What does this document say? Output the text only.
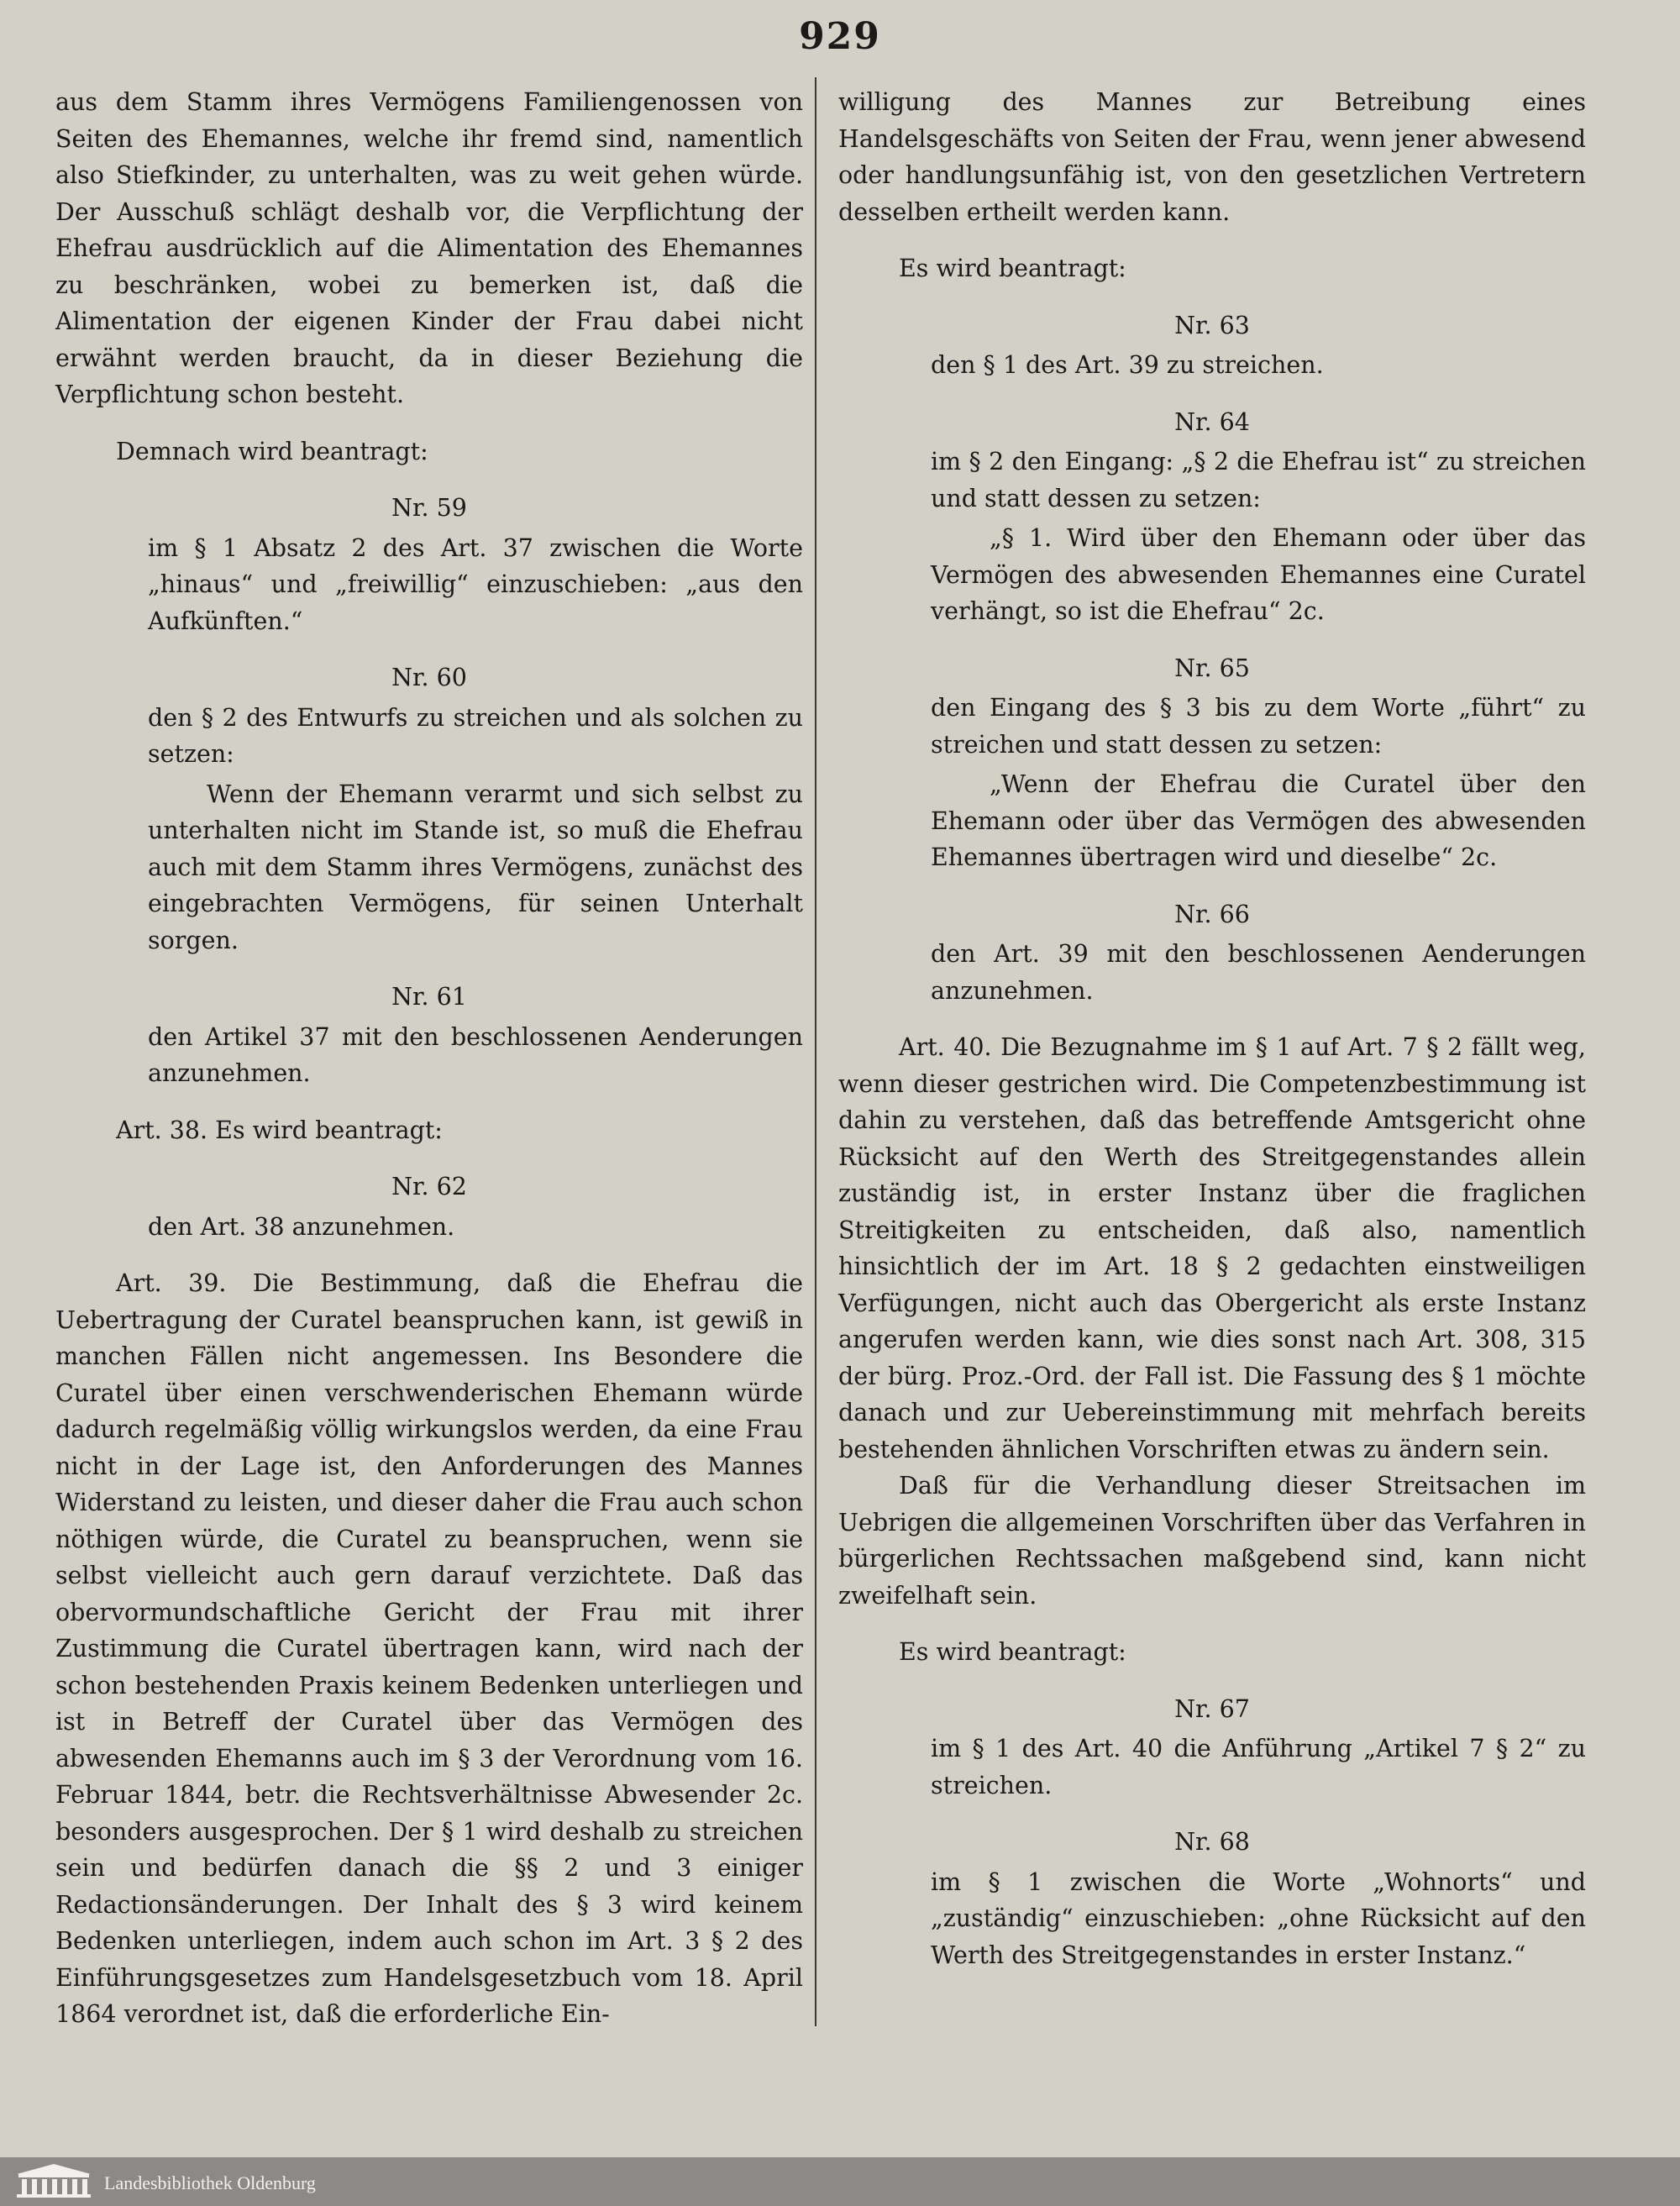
929

aus dem Stamm ihres Vermögens Familiengenossen von Seiten des Ehemannes, welche ihr fremd sind, namentlich also Stiefkinder, zu unterhalten, was zu weit gehen würde. Der Ausschuß schlägt deshalb vor, die Verpflichtung der Ehefrau ausdrücklich auf die Alimentation des Ehemannes zu beschränken, wobei zu bemerken ist, daß die Alimentation der eigenen Kinder der Frau dabei nicht erwähnt werden braucht, da in dieser Beziehung die Verpflichtung schon besteht.

Demnach wird beantragt:

Nr. 59

im § 1 Absatz 2 des Art. 37 zwischen die Worte „hinaus“ und „freiwillig“ einzuschieben: „aus den Aufkünften.“

Nr. 60

den § 2 des Entwurfs zu streichen und als solchen zu setzen:

Wenn der Ehemann verarmt und sich selbst zu unterhalten nicht im Stande ist, so muß die Ehefrau auch mit dem Stamm ihres Vermögens, zunächst des eingebrachten Vermögens, für seinen Unterhalt sorgen.

Nr. 61

den Artikel 37 mit den beschlossenen Aenderungen anzunehmen.

Art. 38. Es wird beantragt:

Nr. 62

den Art. 38 anzunehmen.

Art. 39. Die Bestimmung, daß die Ehefrau die Uebertragung der Curatel beanspruchen kann, ist gewiß in manchen Fällen nicht angemessen. Ins Besondere die Curatel über einen verschwenderischen Ehemann würde dadurch regelmäßig völlig wirkungslos werden, da eine Frau nicht in der Lage ist, den Anforderungen des Mannes Widerstand zu leisten, und dieser daher die Frau auch schon nöthigen würde, die Curatel zu beanspruchen, wenn sie selbst vielleicht auch gern darauf verzichtete. Daß das obervormundschaftliche Gericht der Frau mit ihrer Zustimmung die Curatel übertragen kann, wird nach der schon bestehenden Praxis keinem Bedenken unterliegen und ist in Betreff der Curatel über das Vermögen des abwesenden Ehemanns auch im § 3 der Verordnung vom 16. Februar 1844, betr. die Rechtsverhältnisse Abwesender 2c. besonders ausgesprochen. Der § 1 wird deshalb zu streichen sein und bedürfen danach die §§ 2 und 3 einiger Redactionsänderungen. Der Inhalt des § 3 wird keinem Bedenken unterliegen, indem auch schon im Art. 3 § 2 des Einführungsgesetzes zum Handelsgesetzbuch vom 18. April 1864 verordnet ist, daß die erforderliche Ein-

willigung des Mannes zur Betreibung eines Handelsgeschäfts von Seiten der Frau, wenn jener abwesend oder handlungsunfähig ist, von den gesetzlichen Vertretern desselben ertheilt werden kann.

Es wird beantragt:

Nr. 63

den § 1 des Art. 39 zu streichen.

Nr. 64

im § 2 den Eingang: „§ 2 die Ehefrau ist“ zu streichen und statt dessen zu setzen:

„§ 1. Wird über den Ehemann oder über das Vermögen des abwesenden Ehemannes eine Curatel verhängt, so ist die Ehefrau“ 2c.

Nr. 65

den Eingang des § 3 bis zu dem Worte „führt“ zu streichen und statt dessen zu setzen:

„Wenn der Ehefrau die Curatel über den Ehemann oder über das Vermögen des abwesenden Ehemannes übertragen wird und dieselbe“ 2c.

Nr. 66

den Art. 39 mit den beschlossenen Aenderungen anzunehmen.

Art. 40. Die Bezugnahme im § 1 auf Art. 7 § 2 fällt weg, wenn dieser gestrichen wird. Die Competenzbestimmung ist dahin zu verstehen, daß das betreffende Amtsgericht ohne Rücksicht auf den Werth des Streitgegenstandes allein zuständig ist, in erster Instanz über die fraglichen Streitigkeiten zu entscheiden, daß also, namentlich hinsichtlich der im Art. 18 § 2 gedachten einstweiligen Verfügungen, nicht auch das Obergericht als erste Instanz angerufen werden kann, wie dies sonst nach Art. 308, 315 der bürg. Proz.-Ord. der Fall ist. Die Fassung des § 1 möchte danach und zur Uebereinstimmung mit mehrfach bereits bestehenden ähnlichen Vorschriften etwas zu ändern sein.

Daß für die Verhandlung dieser Streitsachen im Uebrigen die allgemeinen Vorschriften über das Verfahren in bürgerlichen Rechtssachen maßgebend sind, kann nicht zweifelhaft sein.

Es wird beantragt:

Nr. 67

im § 1 des Art. 40 die Anführung „Artikel 7 § 2“ zu streichen.

Nr. 68

im § 1 zwischen die Worte „Wohnorts“ und „zuständig“ einzuschieben: „ohne Rücksicht auf den Werth des Streitgegenstandes in erster Instanz.“

Landesbibliothek Oldenburg
